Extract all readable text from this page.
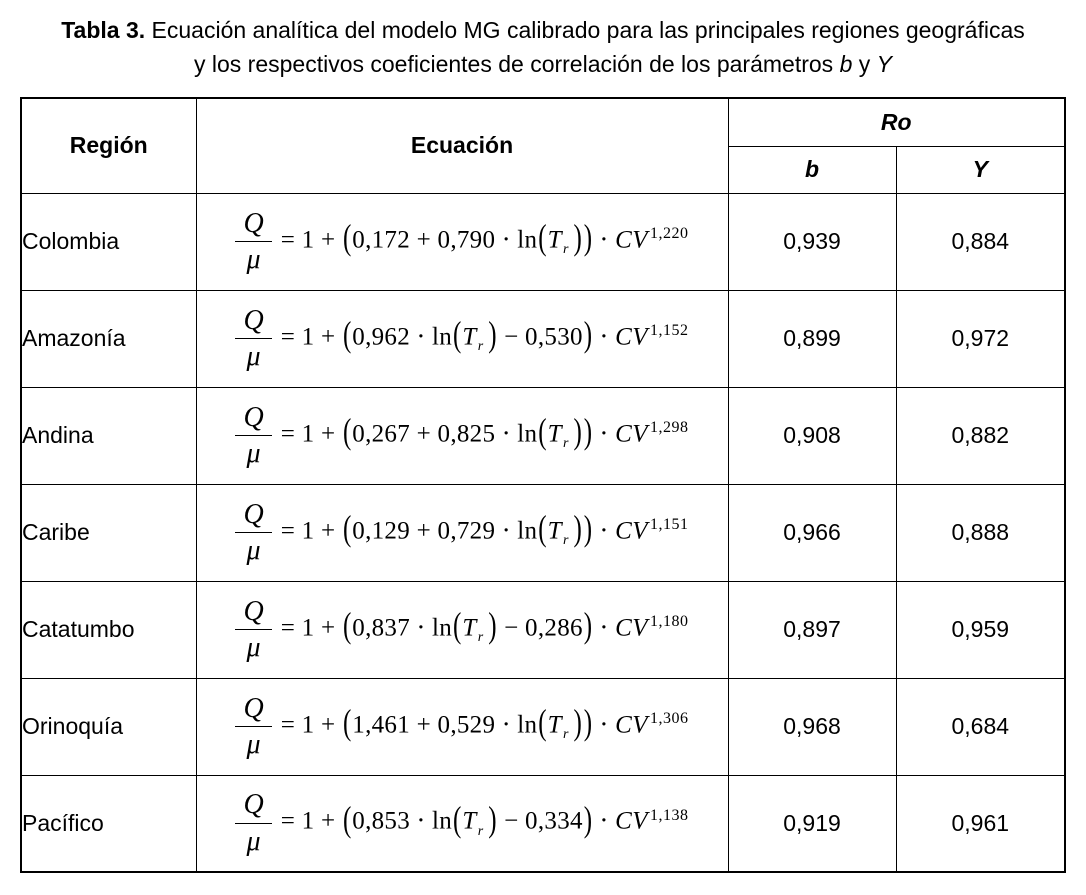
Tabla 3. Ecuación analítica del modelo MG calibrado para las principales regiones geográficas
y los respectivos coeficientes de correlación de los parámetros b y Y
Región	Ecuación	Ro	
		b	Y
Colombia	$\frac{Q}{\mu} = 1 + (0,172 + 0,790 \cdot \ln(T_r$ )) ⋅ CV $^{1,220}$	0,939	0,884
Amazonía	$\frac{Q}{\mu} = 1 + (0,962 \cdot \ln(T_r$ ) − 0,530) ⋅ CV $^{1,152}$	0,899	0,972
Andina	$\frac{Q}{\mu} = 1 + (0,267 + 0,825 \cdot \ln(T_r$ )) ⋅ CV $^{1,298}$	0,908	0,882
Caribe	$\frac{Q}{\mu} = 1 + (0,129 + 0,729 \cdot \ln(T_r$ )) ⋅ CV $^{1,151}$	0,966	0,888
Catatumbo	$\frac{Q}{\mu} = 1 + (0,837 \cdot \ln(T_r$ ) − 0,286) ⋅ CV $^{1,180}$	0,897	0,959
Orinoquía	$\frac{Q}{\mu} = 1 + (1,461 + 0,529 \cdot \ln(T_r$ )) ⋅ CV $^{1,306}$	0,968	0,684
Pacífico	$\frac{Q}{\mu} = 1 + (0,853 \cdot \ln(T_r$ ) − 0,334) ⋅ CV $^{1,138}$	0,919	0,961
